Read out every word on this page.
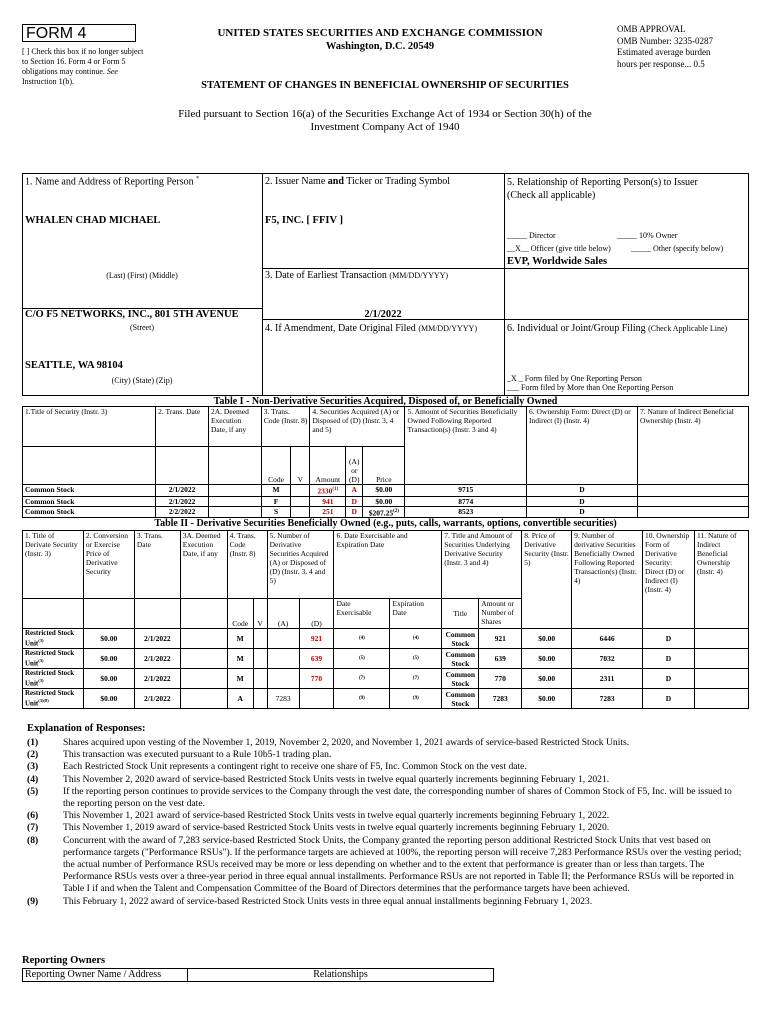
FORM 4
[ ] Check this box if no longer subject to Section 16. Form 4 or Form 5 obligations may continue. See Instruction 1(b).
UNITED STATES SECURITIES AND EXCHANGE COMMISSION
Washington, D.C. 20549
OMB APPROVAL
OMB Number: 3235-0287
Estimated average burden
hours per response... 0.5
STATEMENT OF CHANGES IN BENEFICIAL OWNERSHIP OF SECURITIES
Filed pursuant to Section 16(a) of the Securities Exchange Act of 1934 or Section 30(h) of the
Investment Company Act of 1940
1. Name and Address of Reporting Person *
WHALEN CHAD MICHAEL
(Last) (First) (Middle)
C/O F5 NETWORKS, INC., 801 5TH AVENUE
(Street)
SEATTLE, WA 98104
(City) (State) (Zip)
2. Issuer Name and Ticker or Trading Symbol
F5, INC. [ FFIV ]
3. Date of Earliest Transaction (MM/DD/YYYY)
2/1/2022
4. If Amendment, Date Original Filed (MM/DD/YYYY)
5. Relationship of Reporting Person(s) to Issuer
(Check all applicable)
_____ Director	_____ 10% Owner
__X__ Officer (give title below)	_____ Other (specify below)
EVP, Worldwide Sales
6. Individual or Joint/Group Filing (Check Applicable Line)
_X _ Form filed by One Reporting Person
___ Form filed by More than One Reporting Person
Table I - Non-Derivative Securities Acquired, Disposed of, or Beneficially Owned
1.Title of Security (Instr. 3)	2. Trans. Date	2A. Deemed Execution Date, if any	3. Trans. Code (Instr. 8)		4. Securities Acquired (A) or Disposed of (D) (Instr. 3, 4 and 5)			5. Amount of Securities Beneficially Owned Following Reported Transaction(s) (Instr. 3 and 4)	6. Ownership Form: Direct (D) or Indirect (I) (Instr. 4)	7. Nature of Indirect Beneficial Ownership (Instr. 4)
			Code	V	Amount	(A) or (D)	Price			
Common Stock	2/1/2022		M		2330$^{(1)}$	A	$0.00	9715	D	
Common Stock	2/1/2022		F		941	D	$0.00	8774	D	
Common Stock	2/2/2022		S		251	D	$207.25$^{(2)}$	8523	D	
Table II - Derivative Securities Beneficially Owned (e.g., puts, calls, warrants, options, convertible securities)
1. Title of Derivate Security (Instr. 3)	2. Conversion or Exercise Price of Derivative Security	3. Trans. Date	3A. Deemed Execution Date, if any	4. Trans. Code (Instr. 8)		5. Number of Derivative Securities Acquired (A) or Disposed of (D) (Instr. 3, 4 and 5)		6. Date Exercisable and Expiration Date		7. Title and Amount of Securities Underlying Derivative Security (Instr. 3 and 4)		8. Price of Derivative Security (Instr. 5)	9. Number of derivative Securities Beneficially Owned Following Reported Transaction(s) (Instr. 4)	10. Ownership Form of Derivative Security: Direct (D) or Indirect (I) (Instr. 4)	11. Nature of Indirect Beneficial Ownership (Instr. 4)
				Code	V	(A)	(D)	Date Exercisable	Expiration Date	Title	Amount or Number of Shares				
Restricted Stock Unit$^{(3)}$	$0.00	2/1/2022		M			921	(4)	(4)	Common Stock	921	$0.00	6446	D	
Restricted Stock Unit$^{(3)}$	$0.00	2/1/2022		M			639	(5)	(5)	Common Stock	639	$0.00	7032	D	
Restricted Stock Unit$^{(3)}$	$0.00	2/1/2022		M			770	(7)	(7)	Common Stock	770	$0.00	2311	D	
Restricted Stock Unit$^{(3)(8)}$	$0.00	2/1/2022		A		7283		(9)	(9)	Common Stock	7283	$0.00	7283	D	
Explanation of Responses:
(1)	Shares acquired upon vesting of the November 1, 2019, November 2, 2020, and November 1, 2021 awards of service-based Restricted Stock Units.
(2)	This transaction was executed pursuant to a Rule 10b5-1 trading plan.
(3)	Each Restricted Stock Unit represents a contingent right to receive one share of F5, Inc. Common Stock on the vest date.
(4)	This November 2, 2020 award of service-based Restricted Stock Units vests in twelve equal quarterly increments beginning February 1, 2021.
(5)	If the reporting person continues to provide services to the Company through the vest date, the corresponding number of shares of Common Stock of F5, Inc. will be issued to the reporting person on the vest date.
(6)	This November 1, 2021 award of service-based Restricted Stock Units vests in twelve equal quarterly increments beginning February 1, 2022.
(7)	This November 1, 2019 award of service-based Restricted Stock Units vests in twelve equal quarterly increments beginning February 1, 2020.
(8)	Concurrent with the award of 7,283 service-based Restricted Stock Units, the Company granted the reporting person additional Restricted Stock Units that vest based on performance targets ("Performance RSUs"). If the performance targets are achieved at 100%, the reporting person will receive 7,283 Performance RSUs over the vesting period; the actual number of Performance RSUs received may be more or less depending on whether and to the extent that performance is greater than or less than targets. The Performance RSUs vests over a three-year period in three equal annual installments. Performance RSUs are not reported in Table II; the Performance RSUs will be reported in Table I if and when the Talent and Compensation Committee of the Board of Directors determines that the performance targets have been achieved.
(9)	This February 1, 2022 award of service-based Restricted Stock Units vests in three equal annual installments beginning February 1, 2023.
Reporting Owners
Reporting Owner Name / Address	Relationships
